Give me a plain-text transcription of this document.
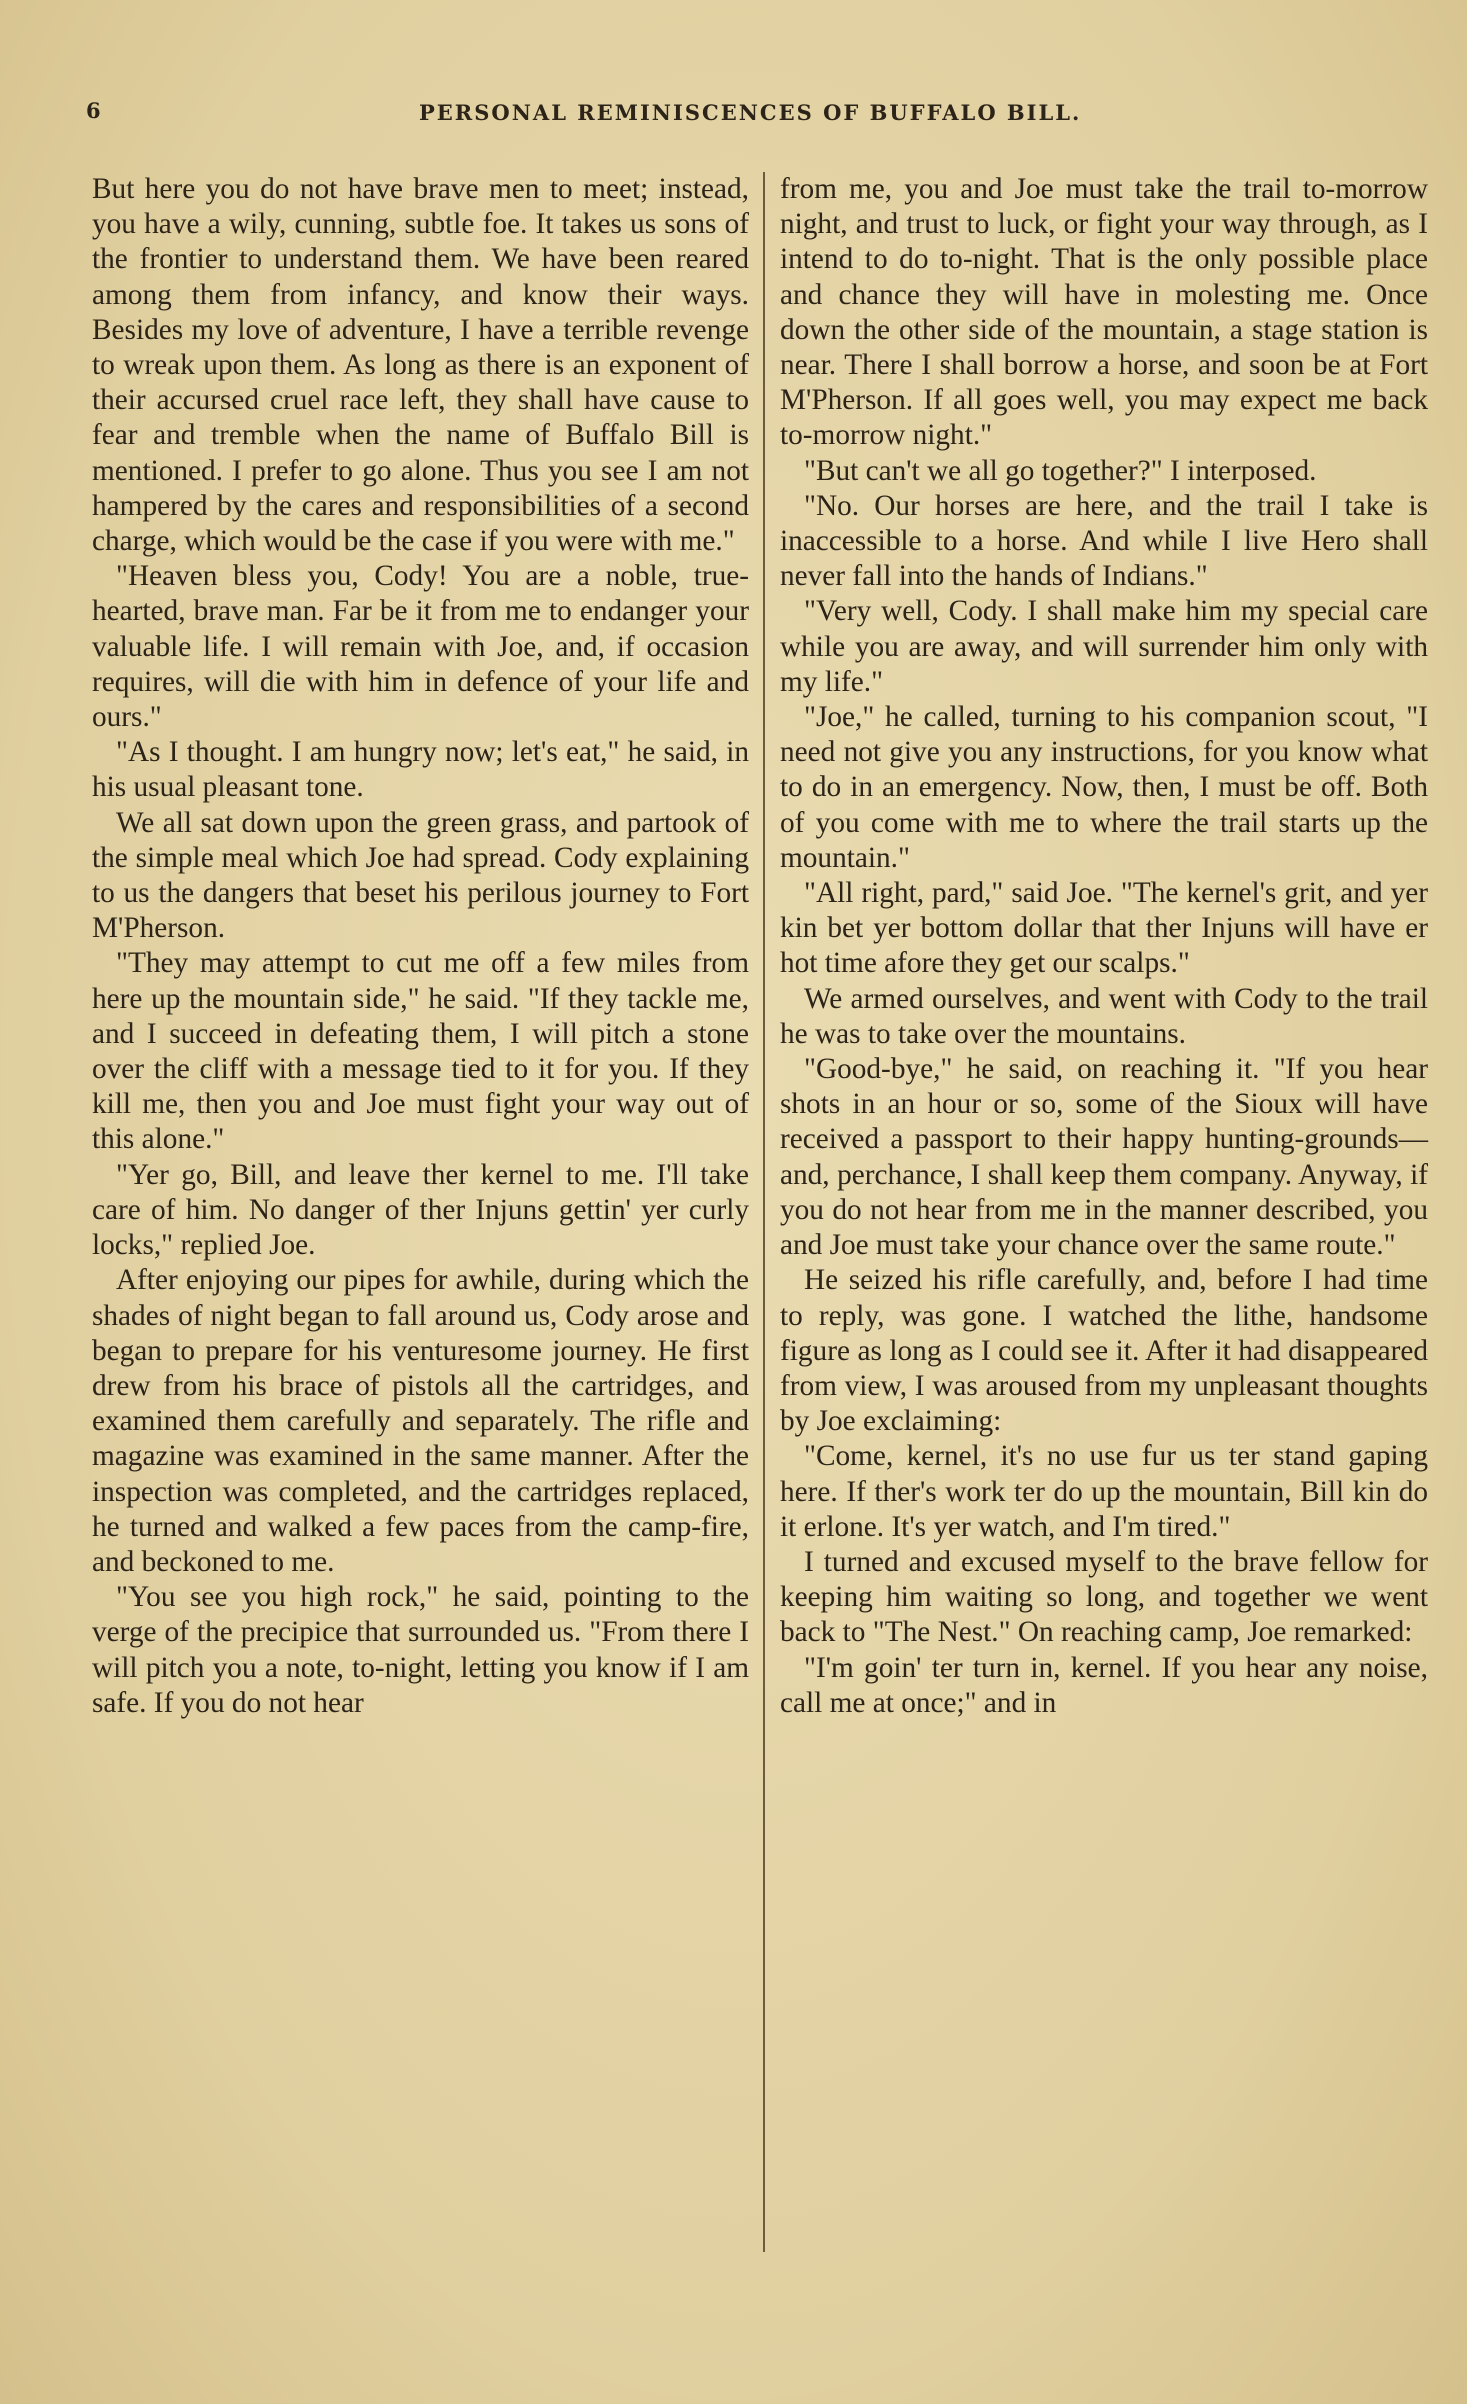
6	PERSONAL REMINISCENCES OF BUFFALO BILL.

But here you do not have brave men to meet; instead, you have a wily, cunning, subtle foe. It takes us sons of the frontier to understand them. We have been reared among them from infancy, and know their ways. Besides my love of adventure, I have a terrible revenge to wreak upon them. As long as there is an exponent of their accursed cruel race left, they shall have cause to fear and tremble when the name of Buffalo Bill is mentioned. I prefer to go alone. Thus you see I am not hampered by the cares and responsibilities of a second charge, which would be the case if you were with me."

"Heaven bless you, Cody! You are a noble, true-hearted, brave man. Far be it from me to endanger your valuable life. I will remain with Joe, and, if occasion requires, will die with him in defence of your life and ours."

"As I thought. I am hungry now; let's eat," he said, in his usual pleasant tone.

We all sat down upon the green grass, and partook of the simple meal which Joe had spread. Cody explaining to us the dangers that beset his perilous journey to Fort M'Pherson.

"They may attempt to cut me off a few miles from here up the mountain side," he said. "If they tackle me, and I succeed in defeating them, I will pitch a stone over the cliff with a message tied to it for you. If they kill me, then you and Joe must fight your way out of this alone."

"Yer go, Bill, and leave ther kernel to me. I'll take care of him. No danger of ther Injuns gettin' yer curly locks," replied Joe.

After enjoying our pipes for awhile, during which the shades of night began to fall around us, Cody arose and began to prepare for his venturesome journey. He first drew from his brace of pistols all the cartridges, and examined them carefully and separately. The rifle and magazine was examined in the same manner. After the inspection was completed, and the cartridges replaced, he turned and walked a few paces from the camp-fire, and beckoned to me.

"You see you high rock," he said, pointing to the verge of the precipice that surrounded us. "From there I will pitch you a note, to-night, letting you know if I am safe. If you do not hear

from me, you and Joe must take the trail to-morrow night, and trust to luck, or fight your way through, as I intend to do to-night. That is the only possible place and chance they will have in molesting me. Once down the other side of the mountain, a stage station is near. There I shall borrow a horse, and soon be at Fort M'Pherson. If all goes well, you may expect me back to-morrow night."

"But can't we all go together?" I interposed.

"No. Our horses are here, and the trail I take is inaccessible to a horse. And while I live Hero shall never fall into the hands of Indians."

"Very well, Cody. I shall make him my special care while you are away, and will surrender him only with my life."

"Joe," he called, turning to his companion scout, "I need not give you any instructions, for you know what to do in an emergency. Now, then, I must be off. Both of you come with me to where the trail starts up the mountain."

"All right, pard," said Joe. "The kernel's grit, and yer kin bet yer bottom dollar that ther Injuns will have er hot time afore they get our scalps."

We armed ourselves, and went with Cody to the trail he was to take over the mountains.

"Good-bye," he said, on reaching it. "If you hear shots in an hour or so, some of the Sioux will have received a passport to their happy hunting-grounds—and, perchance, I shall keep them company. Anyway, if you do not hear from me in the manner described, you and Joe must take your chance over the same route."

He seized his rifle carefully, and, before I had time to reply, was gone. I watched the lithe, handsome figure as long as I could see it. After it had disappeared from view, I was aroused from my unpleasant thoughts by Joe exclaiming:

"Come, kernel, it's no use fur us ter stand gaping here. If ther's work ter do up the mountain, Bill kin do it erlone. It's yer watch, and I'm tired."

I turned and excused myself to the brave fellow for keeping him waiting so long, and together we went back to "The Nest." On reaching camp, Joe remarked:

"I'm goin' ter turn in, kernel. If you hear any noise, call me at once;" and in
